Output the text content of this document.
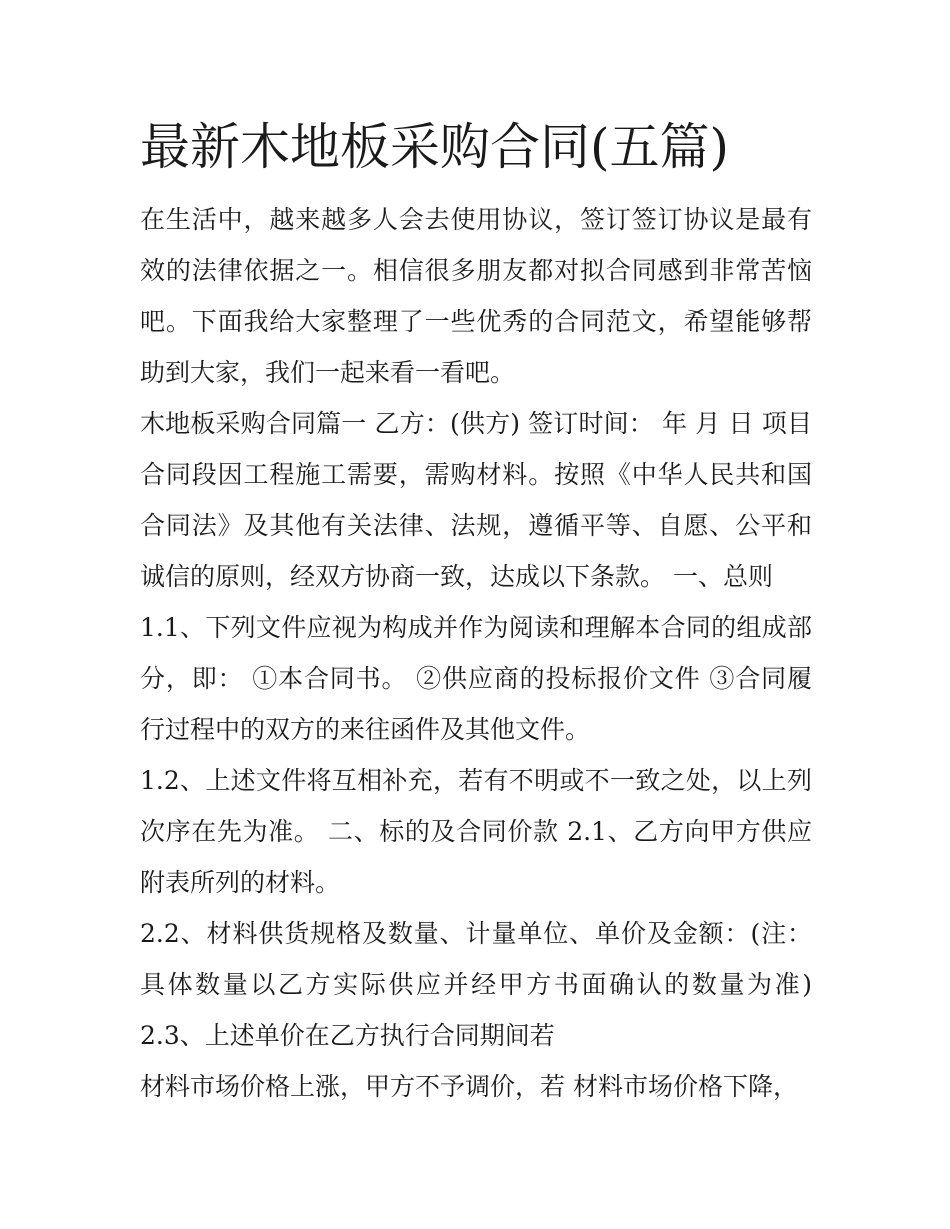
最新木地板采购合同(五篇)

在生活中，越来越多人会去使用协议，签订签订协议是最有效的法律依据之一。相信很多朋友都对拟合同感到非常苦恼吧。下面我给大家整理了一些优秀的合同范文，希望能够帮助到大家，我们一起来看一看吧。

木地板采购合同篇一 乙方：(供方) 签订时间： 年 月 日 项目合同段因工程施工需要，需购材料。按照《中华人民共和国合同法》及其他有关法律、法规，遵循平等、自愿、公平和诚信的原则，经双方协商一致，达成以下条款。 一、总则

1.1、下列文件应视为构成并作为阅读和理解本合同的组成部分，即： ①本合同书。 ②供应商的投标报价文件 ③合同履行过程中的双方的来往函件及其他文件。

1.2、上述文件将互相补充，若有不明或不一致之处，以上列次序在先为准。 二、标的及合同价款 2.1、乙方向甲方供应附表所列的材料。

2.2、材料供货规格及数量、计量单位、单价及金额：(注：具体数量以乙方实际供应并经甲方书面确认的数量为准) 2.3、上述单价在乙方执行合同期间若

材料市场价格上涨，甲方不予调价，若 材料市场价格下降，
